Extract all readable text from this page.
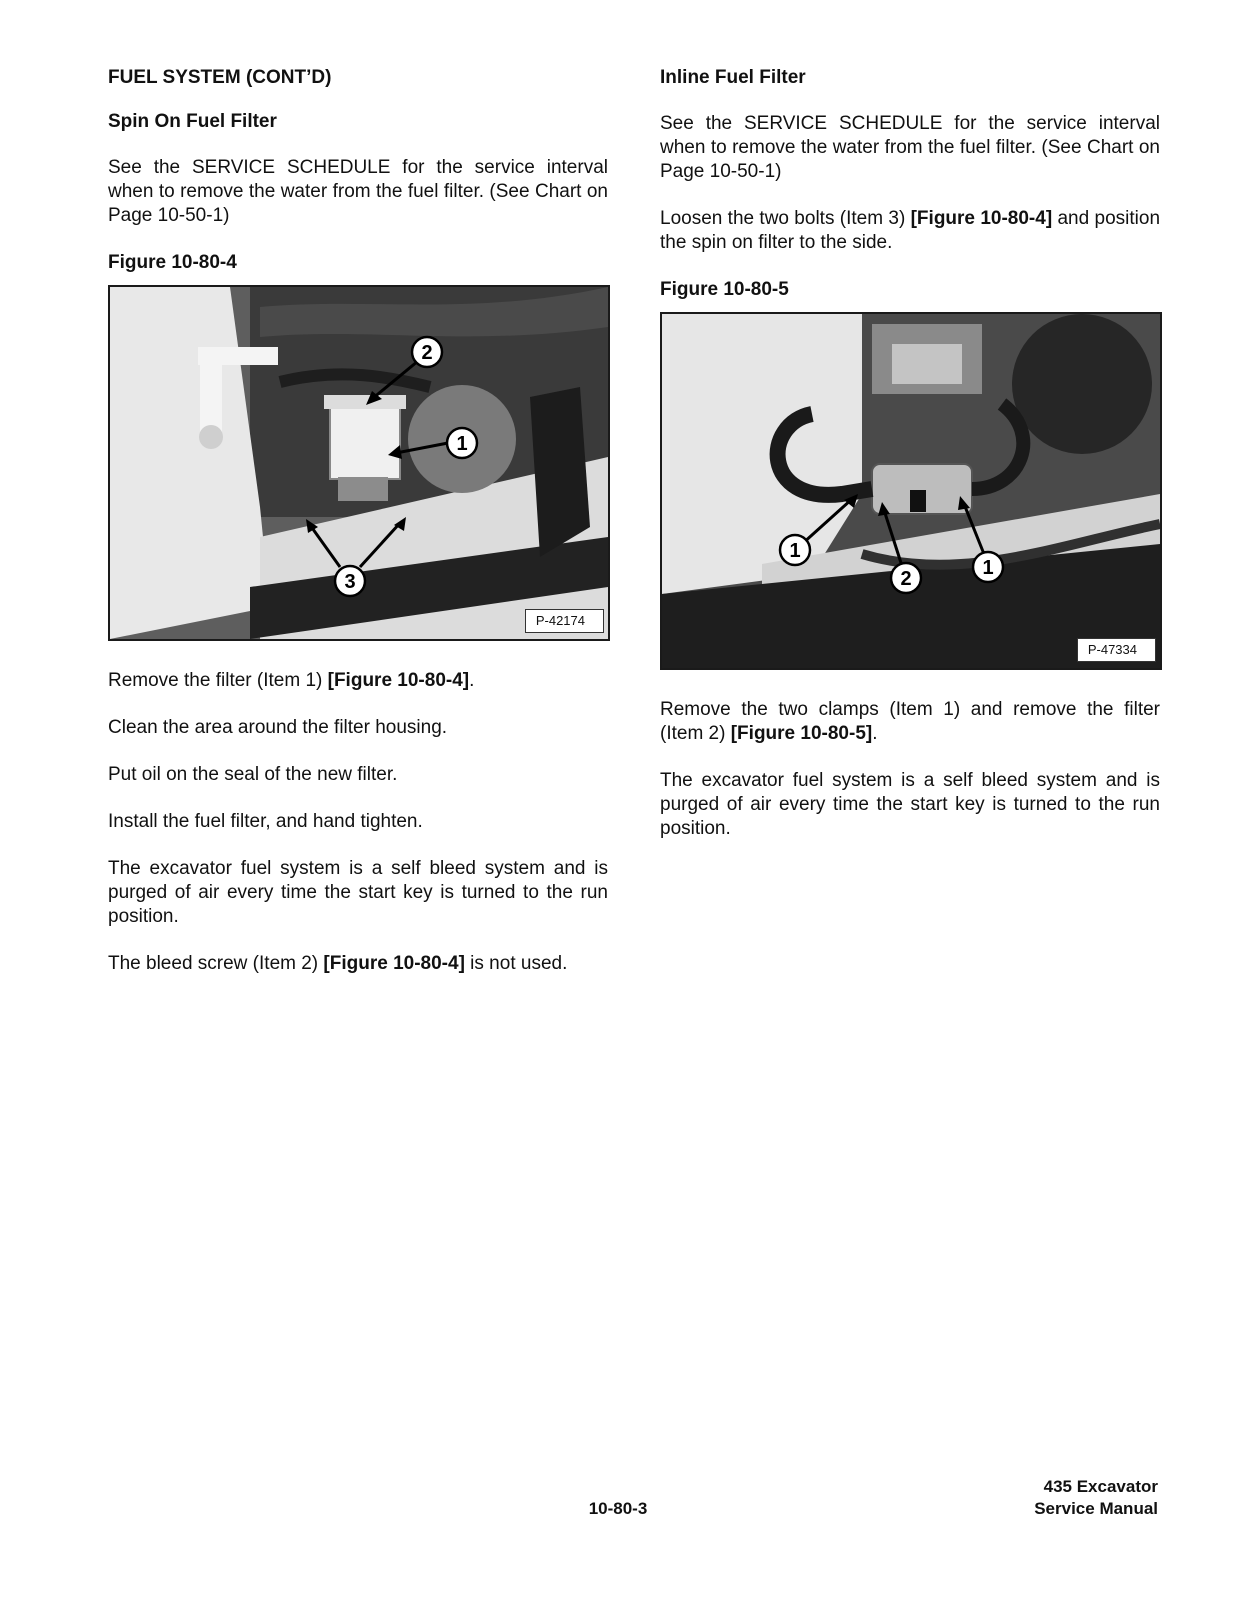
FUEL SYSTEM (CONT’D)
Spin On Fuel Filter

See the SERVICE SCHEDULE for the service interval when to remove the water from the fuel filter. (See Chart on Page 10-50-1)

Figure 10-80-4
2
1
3
P-42174

Remove the filter (Item 1) [Figure 10-80-4].

Clean the area around the filter housing.

Put oil on the seal of the new filter.

Install the fuel filter, and hand tighten.

The excavator fuel system is a self bleed system and is purged of air every time the start key is turned to the run position.

The bleed screw (Item 2) [Figure 10-80-4] is not used.

Inline Fuel Filter

See the SERVICE SCHEDULE for the service interval when to remove the water from the fuel filter. (See Chart on Page 10-50-1)

Loosen the two bolts (Item 3) [Figure 10-80-4] and position the spin on filter to the side.

Figure 10-80-5
1
2	1
P-47334

Remove the two clamps (Item 1) and remove the filter (Item 2) [Figure 10-80-5].

The excavator fuel system is a self bleed system and is purged of air every time the start key is turned to the run position.

10-80-3
435 Excavator
Service Manual
